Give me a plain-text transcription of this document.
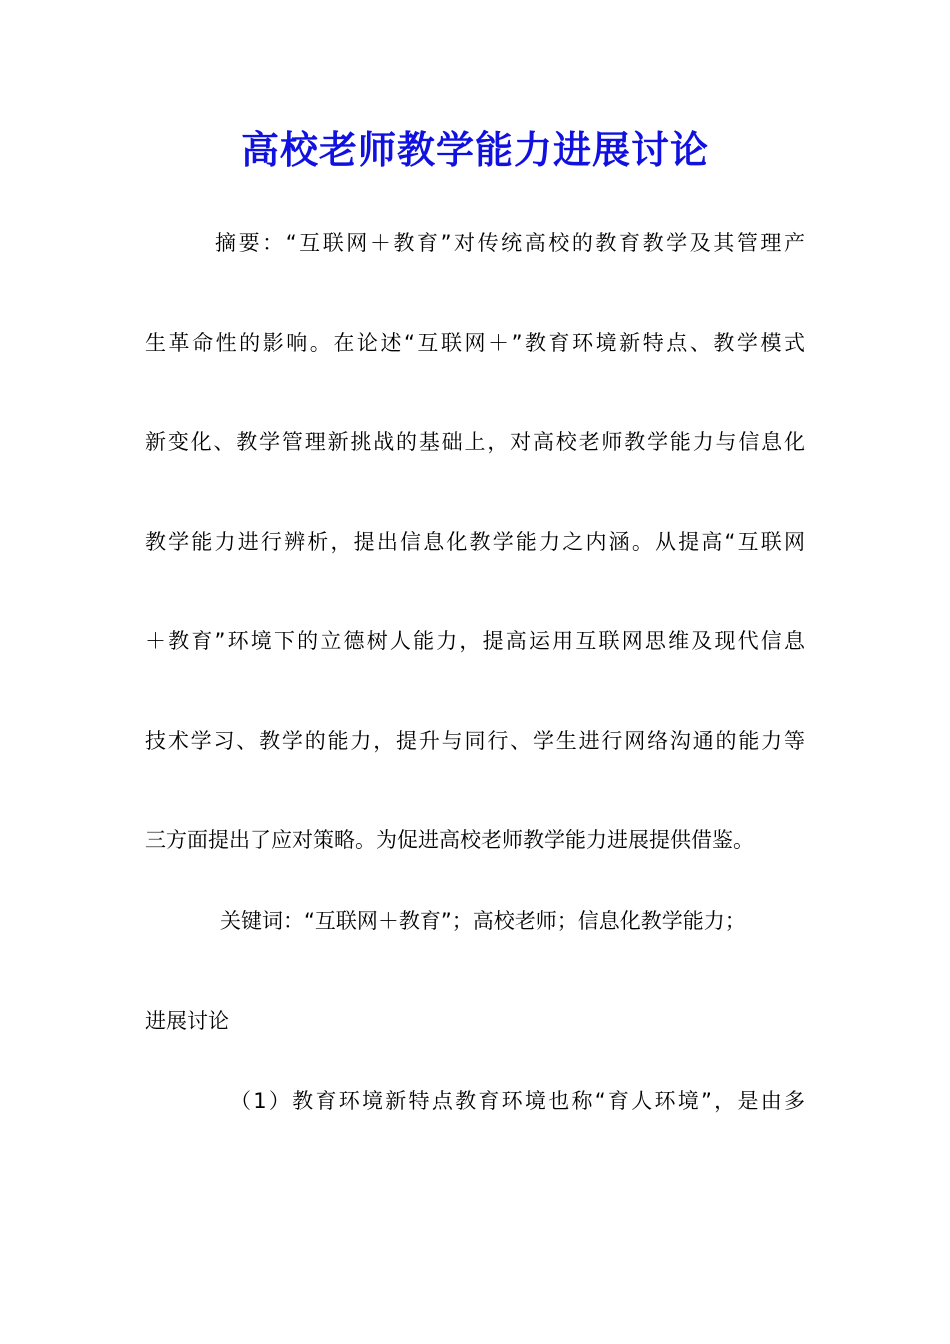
高校老师教学能力进展讨论
摘要：“互联网＋教育”对传统高校的教育教学及其管理产
生革命性的影响。在论述“互联网＋”教育环境新特点、教学模式
新变化、教学管理新挑战的基础上，对高校老师教学能力与信息化
教学能力进行辨析，提出信息化教学能力之内涵。从提高“互联网
＋教育”环境下的立德树人能力，提高运用互联网思维及现代信息
技术学习、教学的能力，提升与同行、学生进行网络沟通的能力等
三方面提出了应对策略。为促进高校老师教学能力进展提供借鉴。
关键词：“互联网＋教育”；高校老师；信息化教学能力；
进展讨论
（1）教育环境新特点教育环境也称“育人环境”，是由多
